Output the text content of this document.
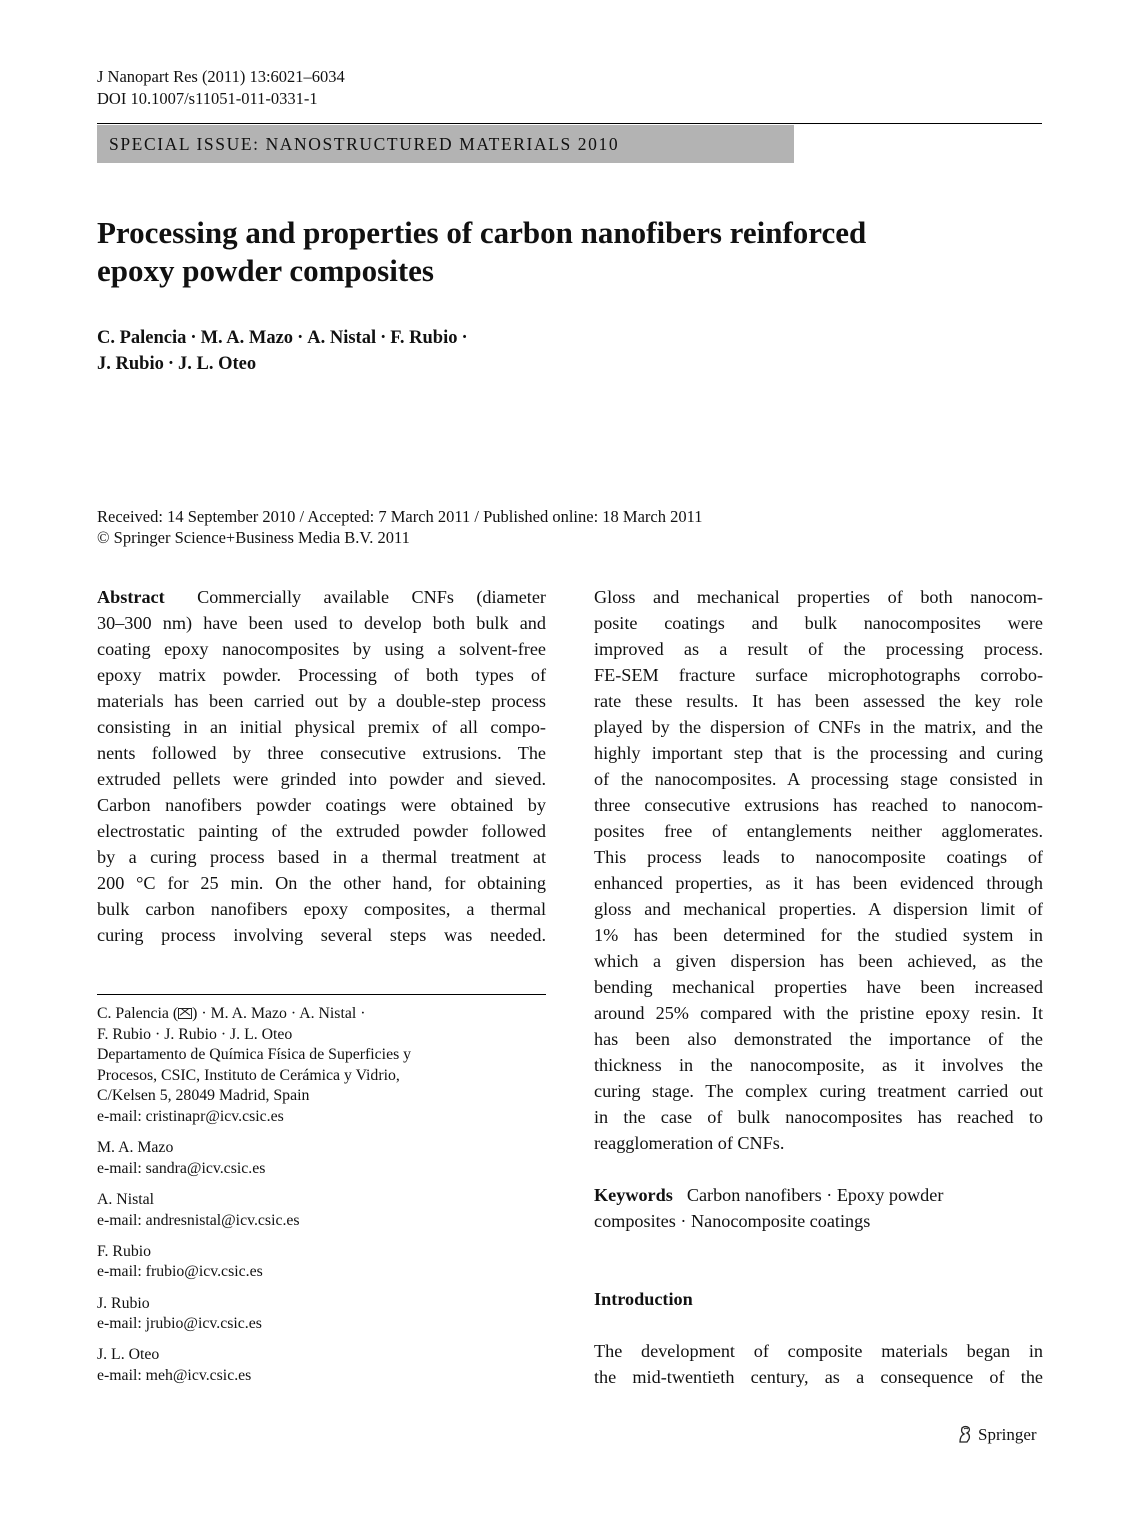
J Nanopart Res (2011) 13:6021–6034
DOI 10.1007/s11051-011-0331-1
SPECIAL ISSUE: NANOSTRUCTURED MATERIALS 2010
Processing and properties of carbon nanofibers reinforced
epoxy powder composites
C. Palencia · M. A. Mazo · A. Nistal · F. Rubio ·
J. Rubio · J. L. Oteo
Received: 14 September 2010 / Accepted: 7 March 2011 / Published online: 18 March 2011
© Springer Science+Business Media B.V. 2011
Abstract Commercially available CNFs (diameter
30–300 nm) have been used to develop both bulk and
coating epoxy nanocomposites by using a solvent-free
epoxy matrix powder. Processing of both types of
materials has been carried out by a double-step process
consisting in an initial physical premix of all compo-
nents followed by three consecutive extrusions. The
extruded pellets were grinded into powder and sieved.
Carbon nanofibers powder coatings were obtained by
electrostatic painting of the extruded powder followed
by a curing process based in a thermal treatment at
200 °C for 25 min. On the other hand, for obtaining
bulk carbon nanofibers epoxy composites, a thermal
curing process involving several steps was needed.
C. Palencia ( ) · M. A. Mazo · A. Nistal ·
F. Rubio · J. Rubio · J. L. Oteo
Departamento de Química Física de Superficies y
Procesos, CSIC, Instituto de Cerámica y Vidrio,
C/Kelsen 5, 28049 Madrid, Spain
e-mail: cristinapr@icv.csic.es
M. A. Mazo
e-mail: sandra@icv.csic.es
A. Nistal
e-mail: andresnistal@icv.csic.es
F. Rubio
e-mail: frubio@icv.csic.es
J. Rubio
e-mail: jrubio@icv.csic.es
J. L. Oteo
e-mail: meh@icv.csic.es
Gloss and mechanical properties of both nanocom-
posite coatings and bulk nanocomposites were
improved as a result of the processing process.
FE-SEM fracture surface microphotographs corrobo-
rate these results. It has been assessed the key role
played by the dispersion of CNFs in the matrix, and the
highly important step that is the processing and curing
of the nanocomposites. A processing stage consisted in
three consecutive extrusions has reached to nanocom-
posites free of entanglements neither agglomerates.
This process leads to nanocomposite coatings of
enhanced properties, as it has been evidenced through
gloss and mechanical properties. A dispersion limit of
1% has been determined for the studied system in
which a given dispersion has been achieved, as the
bending mechanical properties have been increased
around 25% compared with the pristine epoxy resin. It
has been also demonstrated the importance of the
thickness in the nanocomposite, as it involves the
curing stage. The complex curing treatment carried out
in the case of bulk nanocomposites has reached to
reagglomeration of CNFs.
Keywords Carbon nanofibers · Epoxy powder
composites · Nanocomposite coatings
Introduction
The development of composite materials began in
the mid-twentieth century, as a consequence of the
Springer
